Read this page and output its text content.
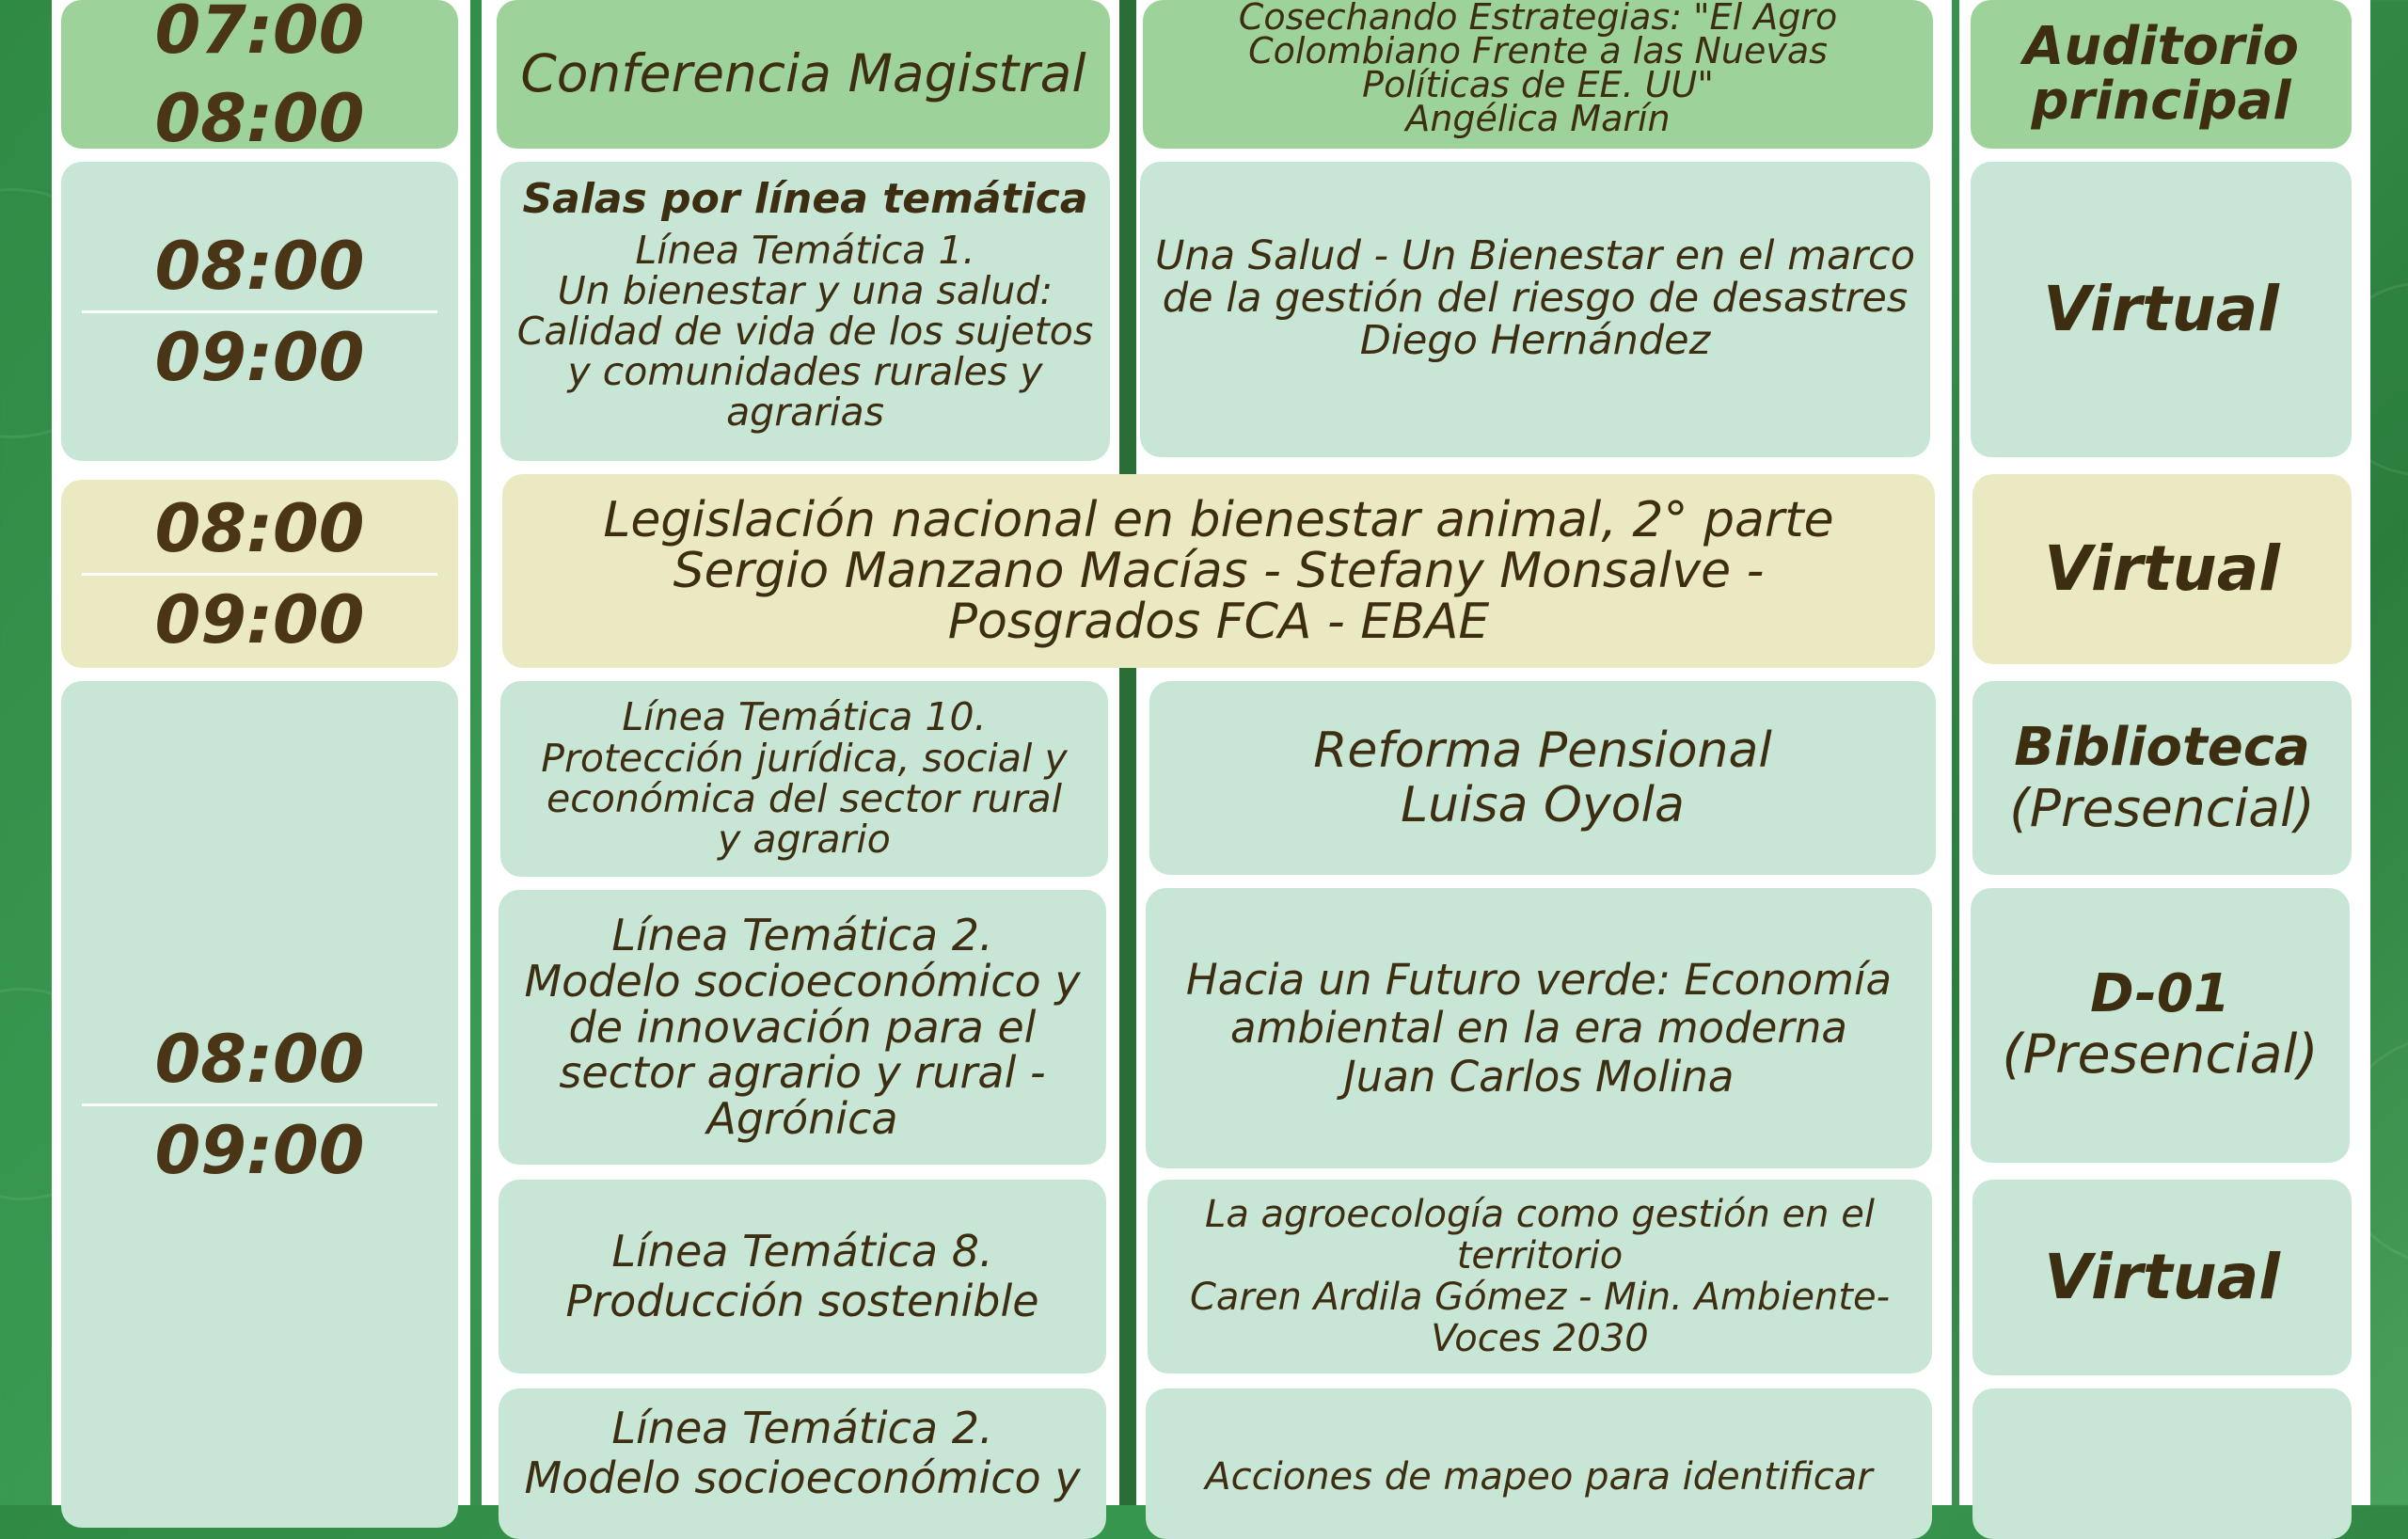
07:00
08:00
Conferencia Magistral
Cosechando Estrategias: "El Agro
Colombiano Frente a las Nuevas
Políticas de EE. UU"
Angélica Marín
Auditorio principal
08:00
09:00
Salas por línea temática
Línea Temática 1.
Un bienestar y una salud:
Calidad de vida de los sujetos
y comunidades rurales y
agrarias
Una Salud - Un Bienestar en el marco
de la gestión del riesgo de desastres
Diego Hernández	Virtual
08:00
09:00
Legislación nacional en bienestar animal, 2° parte
Sergio Manzano Macías - Stefany Monsalve -
Posgrados FCA - EBAE
Virtual
08:00
09:00
Línea Temática 10.
Protección jurídica, social y
económica del sector rural
y agrario
Reforma Pensional
Luisa Oyola
Biblioteca
(Presencial)
Línea Temática 2.
Modelo socioeconómico y
de innovación para el
sector agrario y rural -
Agrónica
Hacia un Futuro verde: Economía
ambiental en la era moderna
Juan Carlos Molina
D-01
(Presencial)
Línea Temática 8.
Producción sostenible
La agroecología como gestión en el
territorio
Caren Ardila Gómez - Min. Ambiente-
Voces 2030
Virtual
Línea Temática 2.
Modelo socioeconómico y	Acciones de mapeo para identificar
